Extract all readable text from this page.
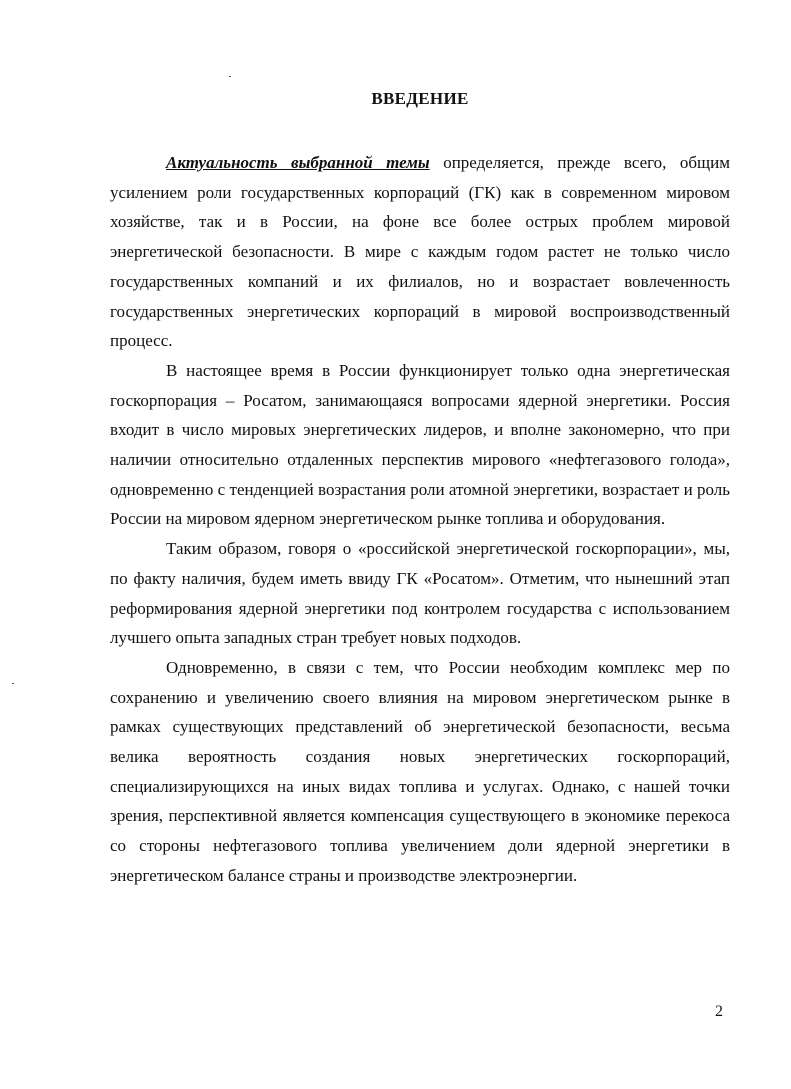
ВВЕДЕНИЕ

Актуальность выбранной темы определяется, прежде всего, общим усилением роли государственных корпораций (ГК) как в современном мировом хозяйстве, так и в России, на фоне все более острых проблем мировой энергетической безопасности. В мире с каждым годом растет не только число государственных компаний и их филиалов, но и возрастает вовлеченность государственных энергетических корпораций в мировой воспроизводственный процесс.

В настоящее время в России функционирует только одна энергетическая госкорпорация – Росатом, занимающаяся вопросами ядерной энергетики. Россия входит в число мировых энергетических лидеров, и вполне закономерно, что при наличии относительно отдаленных перспектив мирового «нефтегазового голода», одновременно с тенденцией возрастания роли атомной энергетики, возрастает и роль России на мировом ядерном энергетическом рынке топлива и оборудования.

Таким образом, говоря о «российской энергетической госкорпорации», мы, по факту наличия, будем иметь ввиду ГК «Росатом». Отметим, что нынешний этап реформирования ядерной энергетики под контролем государства с использованием лучшего опыта западных стран требует новых подходов.

Одновременно, в связи с тем, что России необходим комплекс мер по сохранению и увеличению своего влияния на мировом энергетическом рынке в рамках существующих представлений об энергетической безопасности, весьма велика вероятность создания новых энергетических госкорпораций, специализирующихся на иных видах топлива и услугах. Однако, с нашей точки зрения, перспективной является компенсация существующего в экономике перекоса со стороны нефтегазового топлива увеличением доли ядерной энергетики в энергетическом балансе страны и производстве электроэнергии.

2
